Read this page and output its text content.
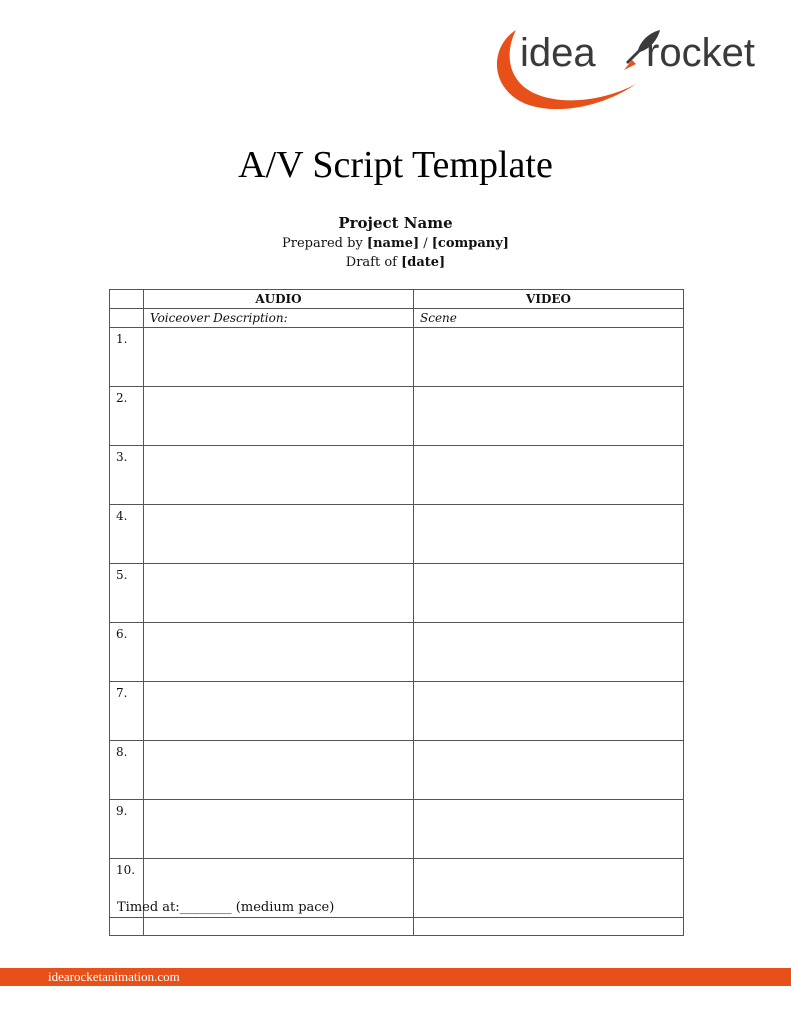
idea rocket
A/V Script Template
Project Name
Prepared by [name] / [company]
Draft of [date]
	AUDIO	VIDEO
	Voiceover Description:	Scene
1.		
2.		
3.		
4.		
5.		
6.		
7.		
8.		
9.		
10.		

Timed at:________ (medium pace)
idearocketanimation.com
